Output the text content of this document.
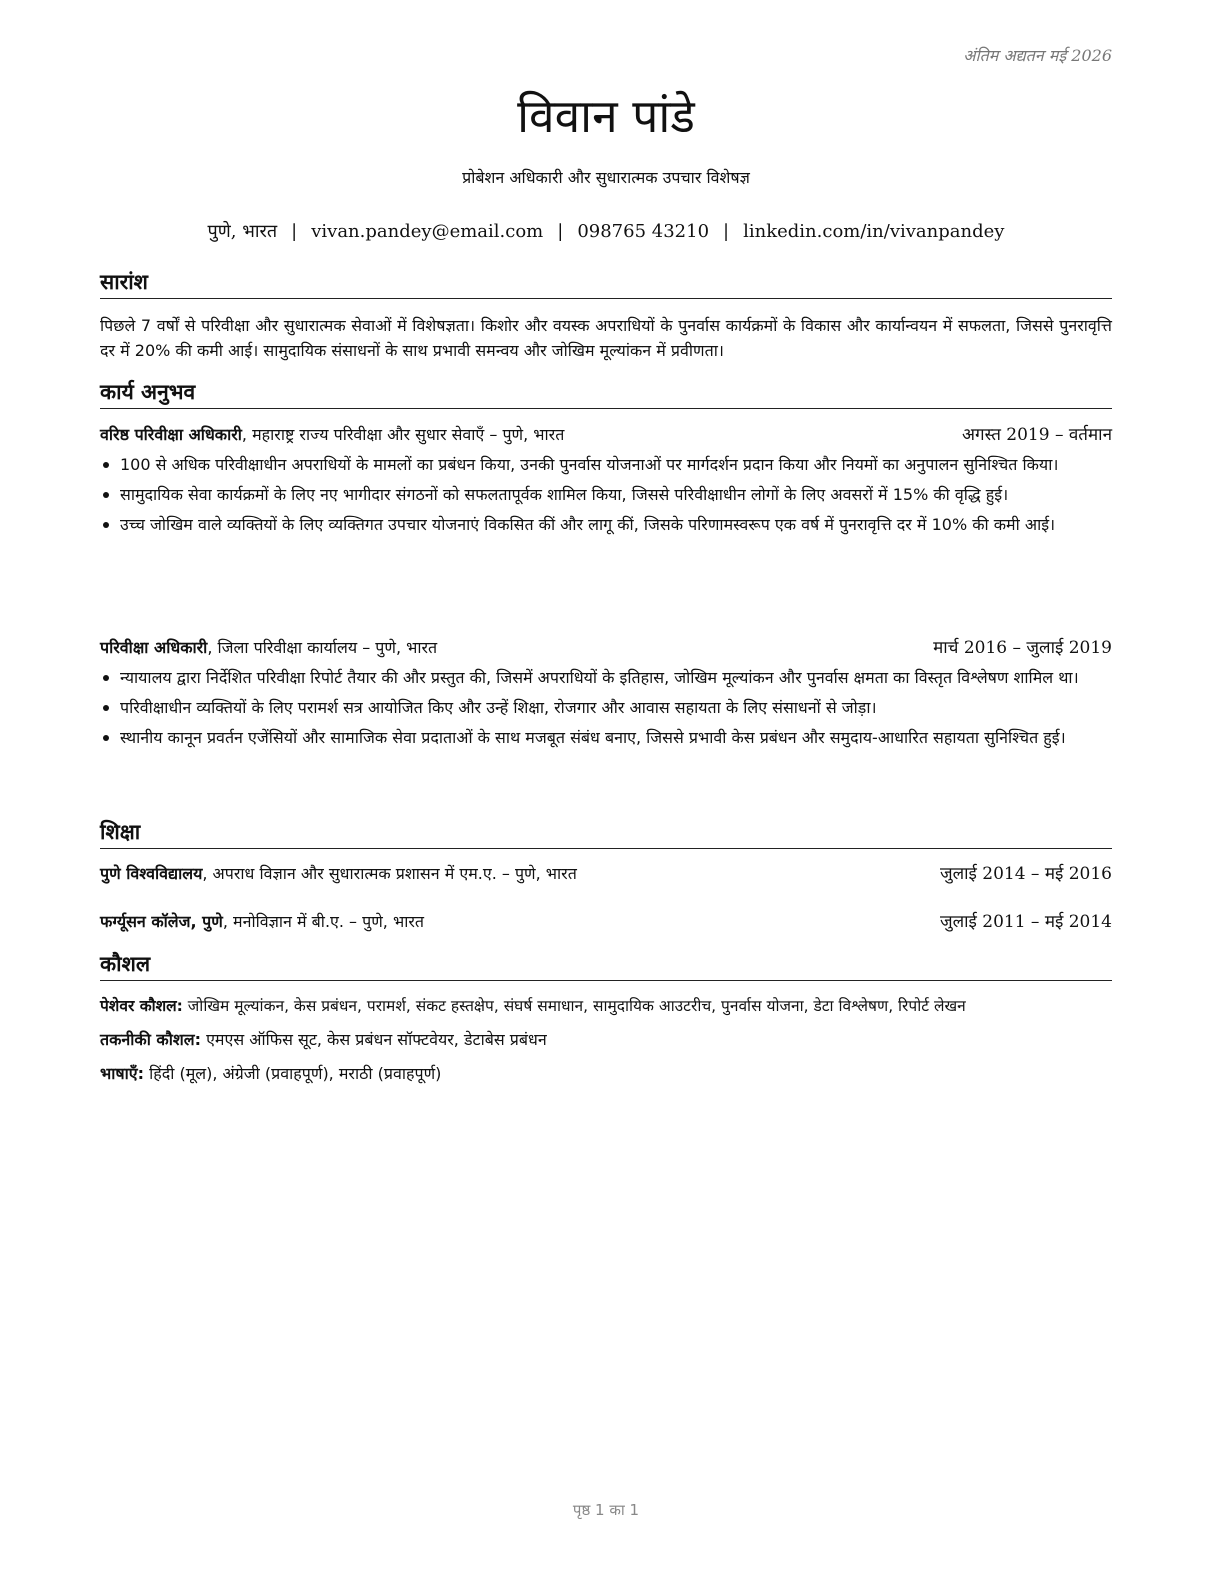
अंतिम अद्यतन मई 2026
विवान पांडे
प्रोबेशन अधिकारी और सुधारात्मक उपचार विशेषज्ञ
पुणे, भारत | vivan.pandey@email.com | 098765 43210 | linkedin.com/in/vivanpandey
सारांश
पिछले 7 वर्षों से परिवीक्षा और सुधारात्मक सेवाओं में विशेषज्ञता। किशोर और वयस्क अपराधियों के पुनर्वास कार्यक्रमों के विकास और कार्यान्वयन में सफलता, जिससे पुनरावृत्ति दर में 20% की कमी आई। सामुदायिक संसाधनों के साथ प्रभावी समन्वय और जोखिम मूल्यांकन में प्रवीणता।
कार्य अनुभव
वरिष्ठ परिवीक्षा अधिकारी, महाराष्ट्र राज्य परिवीक्षा और सुधार सेवाएँ – पुणे, भारत	अगस्त 2019 – वर्तमान
100 से अधिक परिवीक्षाधीन अपराधियों के मामलों का प्रबंधन किया, उनकी पुनर्वास योजनाओं पर मार्गदर्शन प्रदान किया और नियमों का अनुपालन सुनिश्चित किया।
सामुदायिक सेवा कार्यक्रमों के लिए नए भागीदार संगठनों को सफलतापूर्वक शामिल किया, जिससे परिवीक्षाधीन लोगों के लिए अवसरों में 15% की वृद्धि हुई।
उच्च जोखिम वाले व्यक्तियों के लिए व्यक्तिगत उपचार योजनाएं विकसित कीं और लागू कीं, जिसके परिणामस्वरूप एक वर्ष में पुनरावृत्ति दर में 10% की कमी आई।
परिवीक्षा अधिकारी, जिला परिवीक्षा कार्यालय – पुणे, भारत	मार्च 2016 – जुलाई 2019
न्यायालय द्वारा निर्देशित परिवीक्षा रिपोर्ट तैयार की और प्रस्तुत की, जिसमें अपराधियों के इतिहास, जोखिम मूल्यांकन और पुनर्वास क्षमता का विस्तृत विश्लेषण शामिल था।
परिवीक्षाधीन व्यक्तियों के लिए परामर्श सत्र आयोजित किए और उन्हें शिक्षा, रोजगार और आवास सहायता के लिए संसाधनों से जोड़ा।
स्थानीय कानून प्रवर्तन एजेंसियों और सामाजिक सेवा प्रदाताओं के साथ मजबूत संबंध बनाए, जिससे प्रभावी केस प्रबंधन और समुदाय-आधारित सहायता सुनिश्चित हुई।
शिक्षा
पुणे विश्वविद्यालय, अपराध विज्ञान और सुधारात्मक प्रशासन में एम.ए. – पुणे, भारत	जुलाई 2014 – मई 2016
फर्ग्यूसन कॉलेज, पुणे, मनोविज्ञान में बी.ए. – पुणे, भारत	जुलाई 2011 – मई 2014
कौशल
पेशेवर कौशल: जोखिम मूल्यांकन, केस प्रबंधन, परामर्श, संकट हस्तक्षेप, संघर्ष समाधान, सामुदायिक आउटरीच, पुनर्वास योजना, डेटा विश्लेषण, रिपोर्ट लेखन
तकनीकी कौशल: एमएस ऑफिस सूट, केस प्रबंधन सॉफ्टवेयर, डेटाबेस प्रबंधन
भाषाएँ: हिंदी (मूल), अंग्रेजी (प्रवाहपूर्ण), मराठी (प्रवाहपूर्ण)
पृष्ठ 1 का 1
